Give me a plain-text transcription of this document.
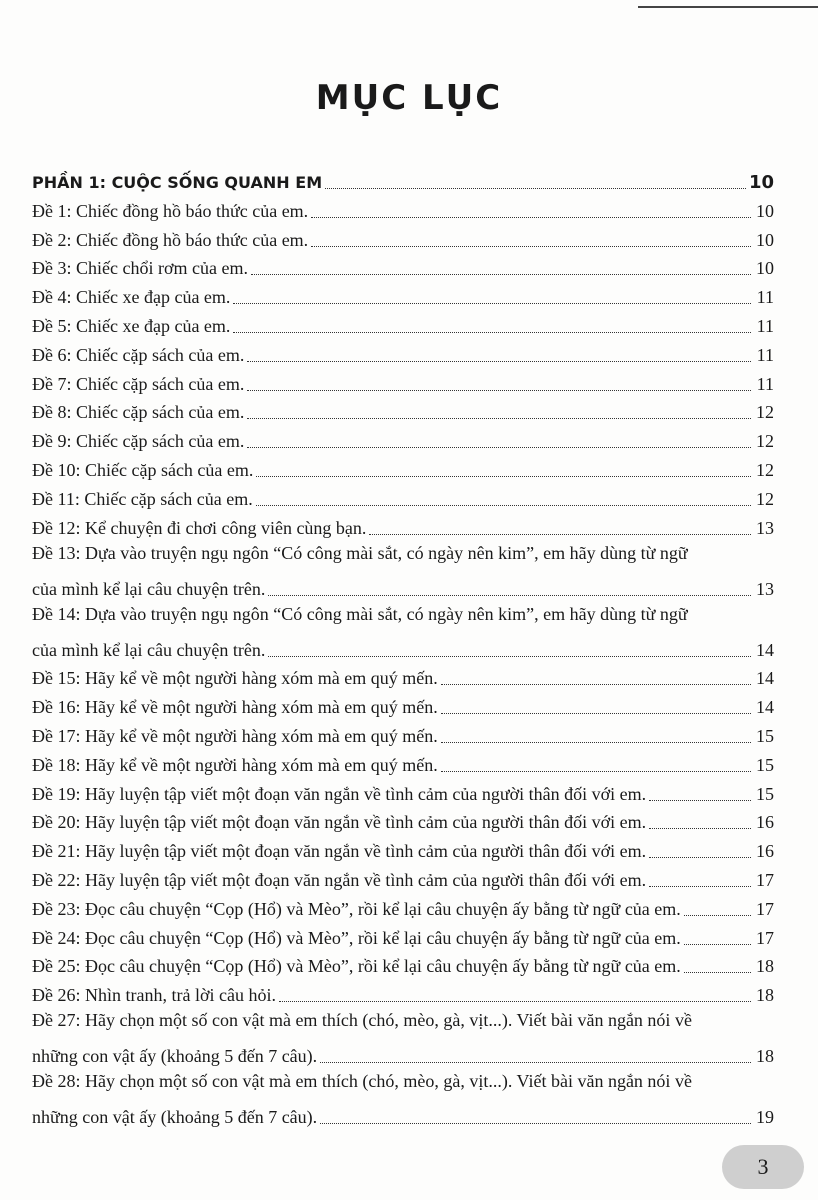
MỤC LỤC
PHẦN 1: CUỘC SỐNG QUANH EM	10
Đề 1: Chiếc đồng hồ báo thức của em.	10
Đề 2: Chiếc đồng hồ báo thức của em.	10
Đề 3: Chiếc chổi rơm của em.	10
Đề 4: Chiếc xe đạp của em.	11
Đề 5: Chiếc xe đạp của em.	11
Đề 6: Chiếc cặp sách của em.	11
Đề 7: Chiếc cặp sách của em.	11
Đề 8: Chiếc cặp sách của em.	12
Đề 9: Chiếc cặp sách của em.	12
Đề 10: Chiếc cặp sách của em.	12
Đề 11: Chiếc cặp sách của em.	12
Đề 12: Kể chuyện đi chơi công viên cùng bạn.	13
Đề 13: Dựa vào truyện ngụ ngôn “Có công mài sắt, có ngày nên kim”, em hãy dùng từ ngữ
của mình kể lại câu chuyện trên.	13
Đề 14: Dựa vào truyện ngụ ngôn “Có công mài sắt, có ngày nên kim”, em hãy dùng từ ngữ
của mình kể lại câu chuyện trên.	14
Đề 15: Hãy kể về một người hàng xóm mà em quý mến.	14
Đề 16: Hãy kể về một người hàng xóm mà em quý mến.	14
Đề 17: Hãy kể về một người hàng xóm mà em quý mến.	15
Đề 18: Hãy kể về một người hàng xóm mà em quý mến.	15
Đề 19: Hãy luyện tập viết một đoạn văn ngắn về tình cảm của người thân đối với em.	15
Đề 20: Hãy luyện tập viết một đoạn văn ngắn về tình cảm của người thân đối với em.	16
Đề 21: Hãy luyện tập viết một đoạn văn ngắn về tình cảm của người thân đối với em.	16
Đề 22: Hãy luyện tập viết một đoạn văn ngắn về tình cảm của người thân đối với em.	17
Đề 23: Đọc câu chuyện “Cọp (Hổ) và Mèo”, rồi kể lại câu chuyện ấy bằng từ ngữ của em.	17
Đề 24: Đọc câu chuyện “Cọp (Hổ) và Mèo”, rồi kể lại câu chuyện ấy bằng từ ngữ của em.	17
Đề 25: Đọc câu chuyện “Cọp (Hổ) và Mèo”, rồi kể lại câu chuyện ấy bằng từ ngữ của em.	18
Đề 26: Nhìn tranh, trả lời câu hỏi.	18
Đề 27: Hãy chọn một số con vật mà em thích (chó, mèo, gà, vịt...). Viết bài văn ngắn nói về
những con vật ấy (khoảng 5 đến 7 câu).	18
Đề 28: Hãy chọn một số con vật mà em thích (chó, mèo, gà, vịt...). Viết bài văn ngắn nói về
những con vật ấy (khoảng 5 đến 7 câu).	19
3
